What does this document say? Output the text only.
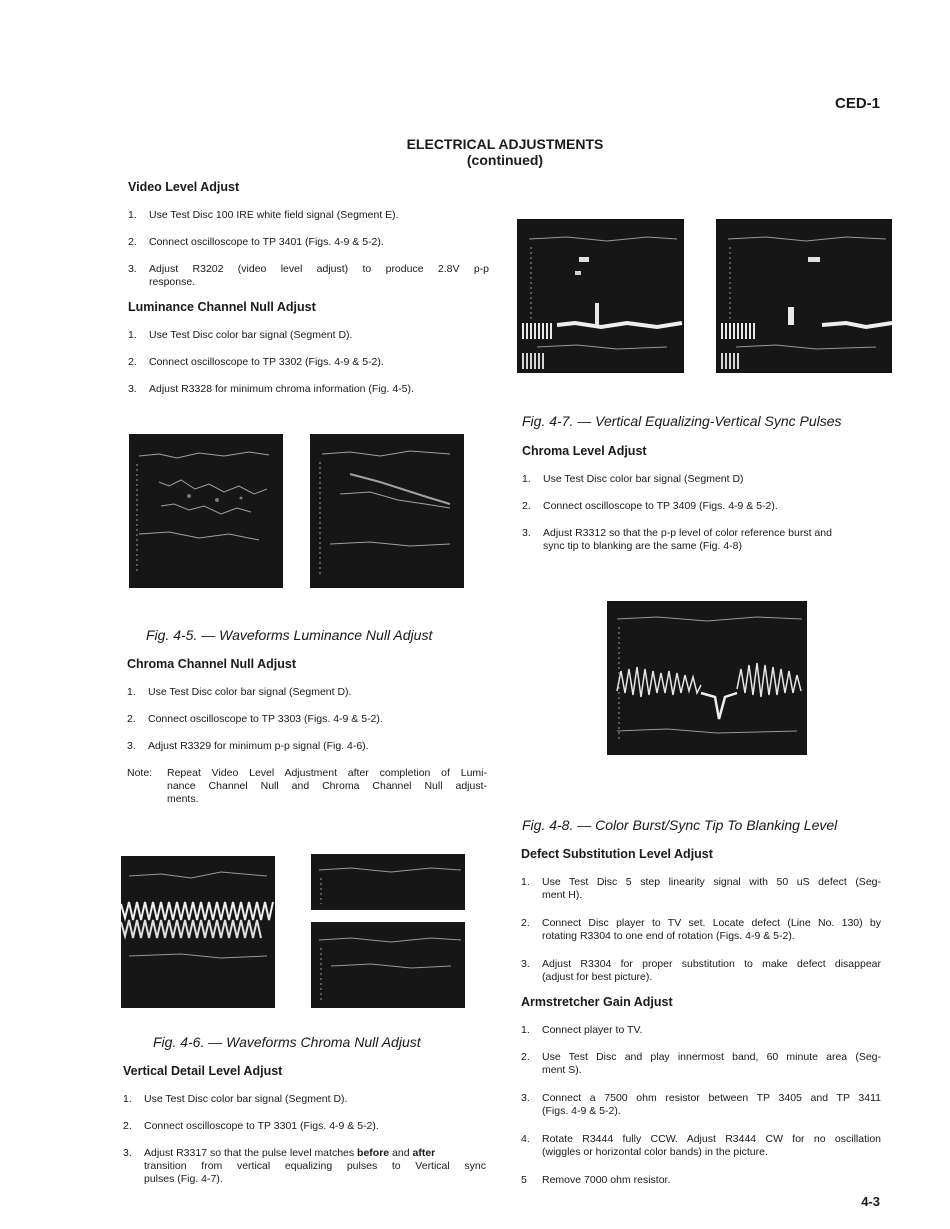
CED-1
ELECTRICAL ADJUSTMENTS
(continued)
Video Level Adjust
1.	Use Test Disc 100 IRE white field signal (Segment E).
2.	Connect oscilloscope to TP 3401 (Figs. 4-9 & 5-2).
3.	Adjust R3202 (video level adjust) to produce 2.8V p-p
response.
Luminance Channel Null Adjust
1.	Use Test Disc color bar signal (Segment D).
2.	Connect oscilloscope to TP 3302 (Figs. 4-9 & 5-2).
3.	Adjust R3328 for minimum chroma information (Fig. 4-5).
Fig. 4-5. — Waveforms Luminance Null Adjust
Chroma Channel Null Adjust
1.	Use Test Disc color bar signal (Segment D).
2.	Connect oscilloscope to TP 3303 (Figs. 4-9 & 5-2).
3.	Adjust R3329 for minimum p-p signal (Fig. 4-6).
Note:	Repeat Video Level Adjustment after completion of Lumi-
nance Channel Null and Chroma Channel Null adjust-
ments.
Fig. 4-6. — Waveforms Chroma Null Adjust
Vertical Detail Level Adjust
1.	Use Test Disc color bar signal (Segment D).
2.	Connect oscilloscope to TP 3301 (Figs. 4-9 & 5-2).
3.	Adjust R3317 so that the pulse level matches before and after
transition from vertical equalizing pulses to Vertical sync
pulses (Fig. 4-7).
Fig. 4-7. — Vertical Equalizing-Vertical Sync Pulses
Chroma Level Adjust
1.	Use Test Disc color bar signal (Segment D)
2.	Connect oscilloscope to TP 3409 (Figs. 4-9 & 5-2).
3.	Adjust R3312 so that the p-p level of color reference burst and
sync tip to blanking are the same (Fig. 4-8)
Fig. 4-8. — Color Burst/Sync Tip To Blanking Level
Defect Substitution Level Adjust
1.	Use Test Disc 5 step linearity signal with 50 uS defect (Seg-
ment H).
2.	Connect Disc player to TV set. Locate defect (Line No. 130) by
rotating R3304 to one end of rotation (Figs. 4-9 & 5-2).
3.	Adjust R3304 for proper substitution to make defect disappear
(adjust for best picture).
Armstretcher Gain Adjust
1.	Connect player to TV.
2.	Use Test Disc and play innermost band, 60 minute area (Seg-
ment S).
3.	Connect a 7500 ohm resistor between TP 3405 and TP 3411
(Figs. 4-9 & 5-2).
4.	Rotate R3444 fully CCW. Adjust R3444 CW for no oscillation
(wiggles or horizontal color bands) in the picture.
5	Remove 7000 ohm resistor.
4-3
